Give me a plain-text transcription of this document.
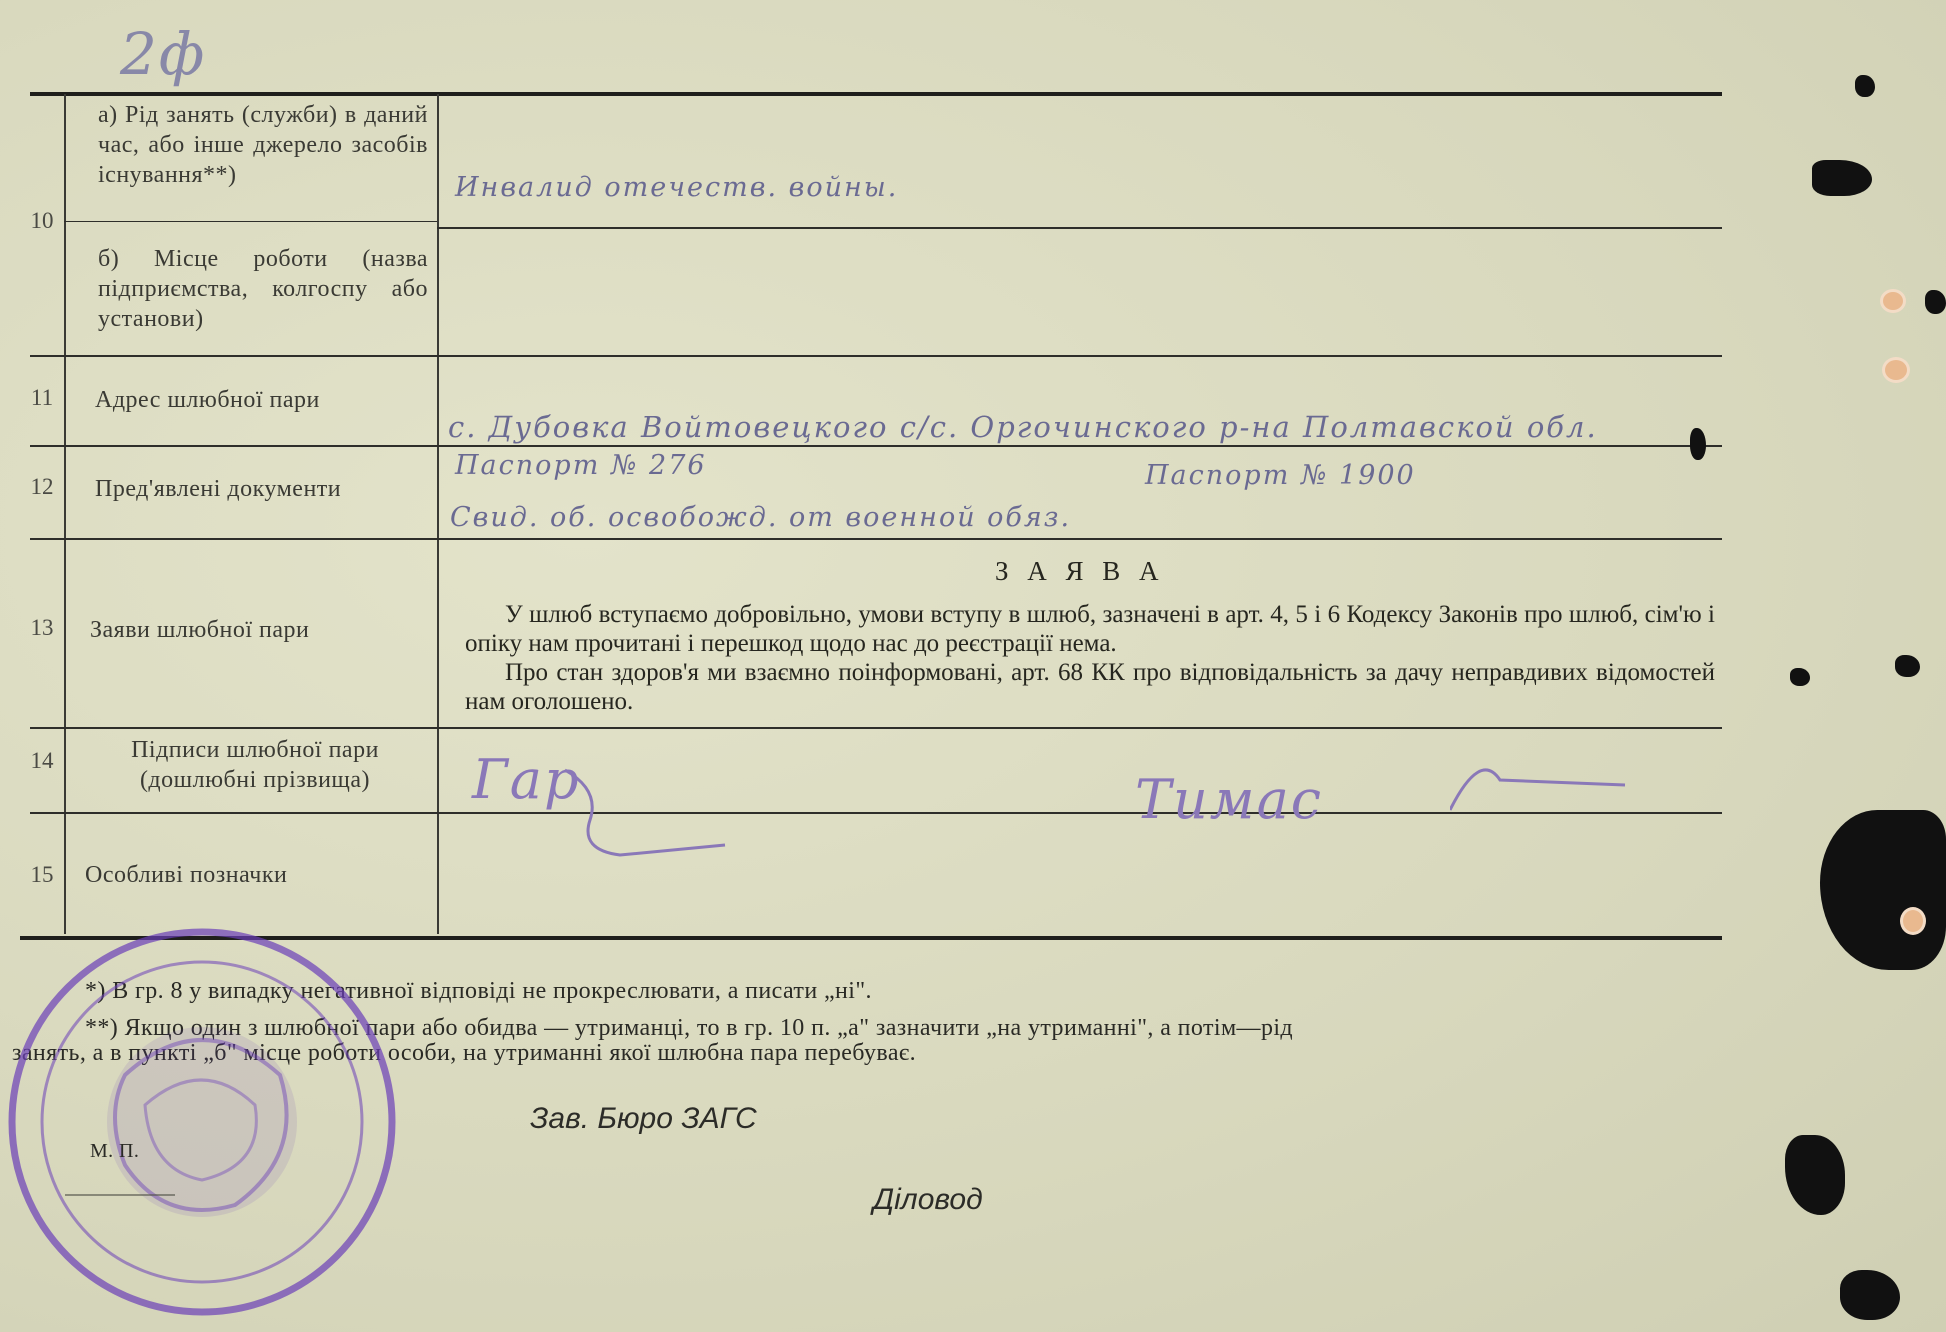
2ф
10
а) Рід занять (служби) в даний час, або інше джерело засобів існування**)	Инвалид отечеств. войны.
б) Місце роботи (назва підприємства, колгоспу або установи)
11	Адрес шлюбної пари
с. Дубовка Войтовецкого с/с. Оргочинского р-на Полтавской обл.
12	Пред'явлені документи
Паспорт № 276	Паспорт № 1900
Свид. об. освобожд. от военной обяз.
13	Заяви шлюбної пари
З А Я В А
У шлюб вступаємо добровільно, умови вступу в шлюб, зазначені в арт. 4, 5 і 6 Кодексу Законів про шлюб, сім'ю і опіку нам прочитані і перешкод щодо нас до реєстрації нема.
Про стан здоров'я ми взаємно поінформовані, арт. 68 КК про відповідальність за дачу неправдивих відомостей нам оголошено.
14	Підписи шлюбної пари (дошлюбні прізвища)	Гар	Тимас
15	Особливі позначки
*) В гр. 8 у випадку негативної відповіді не прокреслювати, а писати „ні".
**) Якщо один з шлюбної пари або обидва — утриманці, то в гр. 10 п. „а" зазначити „на утриманні", а потім—рід
занять, а в пункті „б" місце роботи особи, на утриманні якої шлюбна пара перебуває.
Зав. Бюро ЗАГС
Діловод
М. П.
